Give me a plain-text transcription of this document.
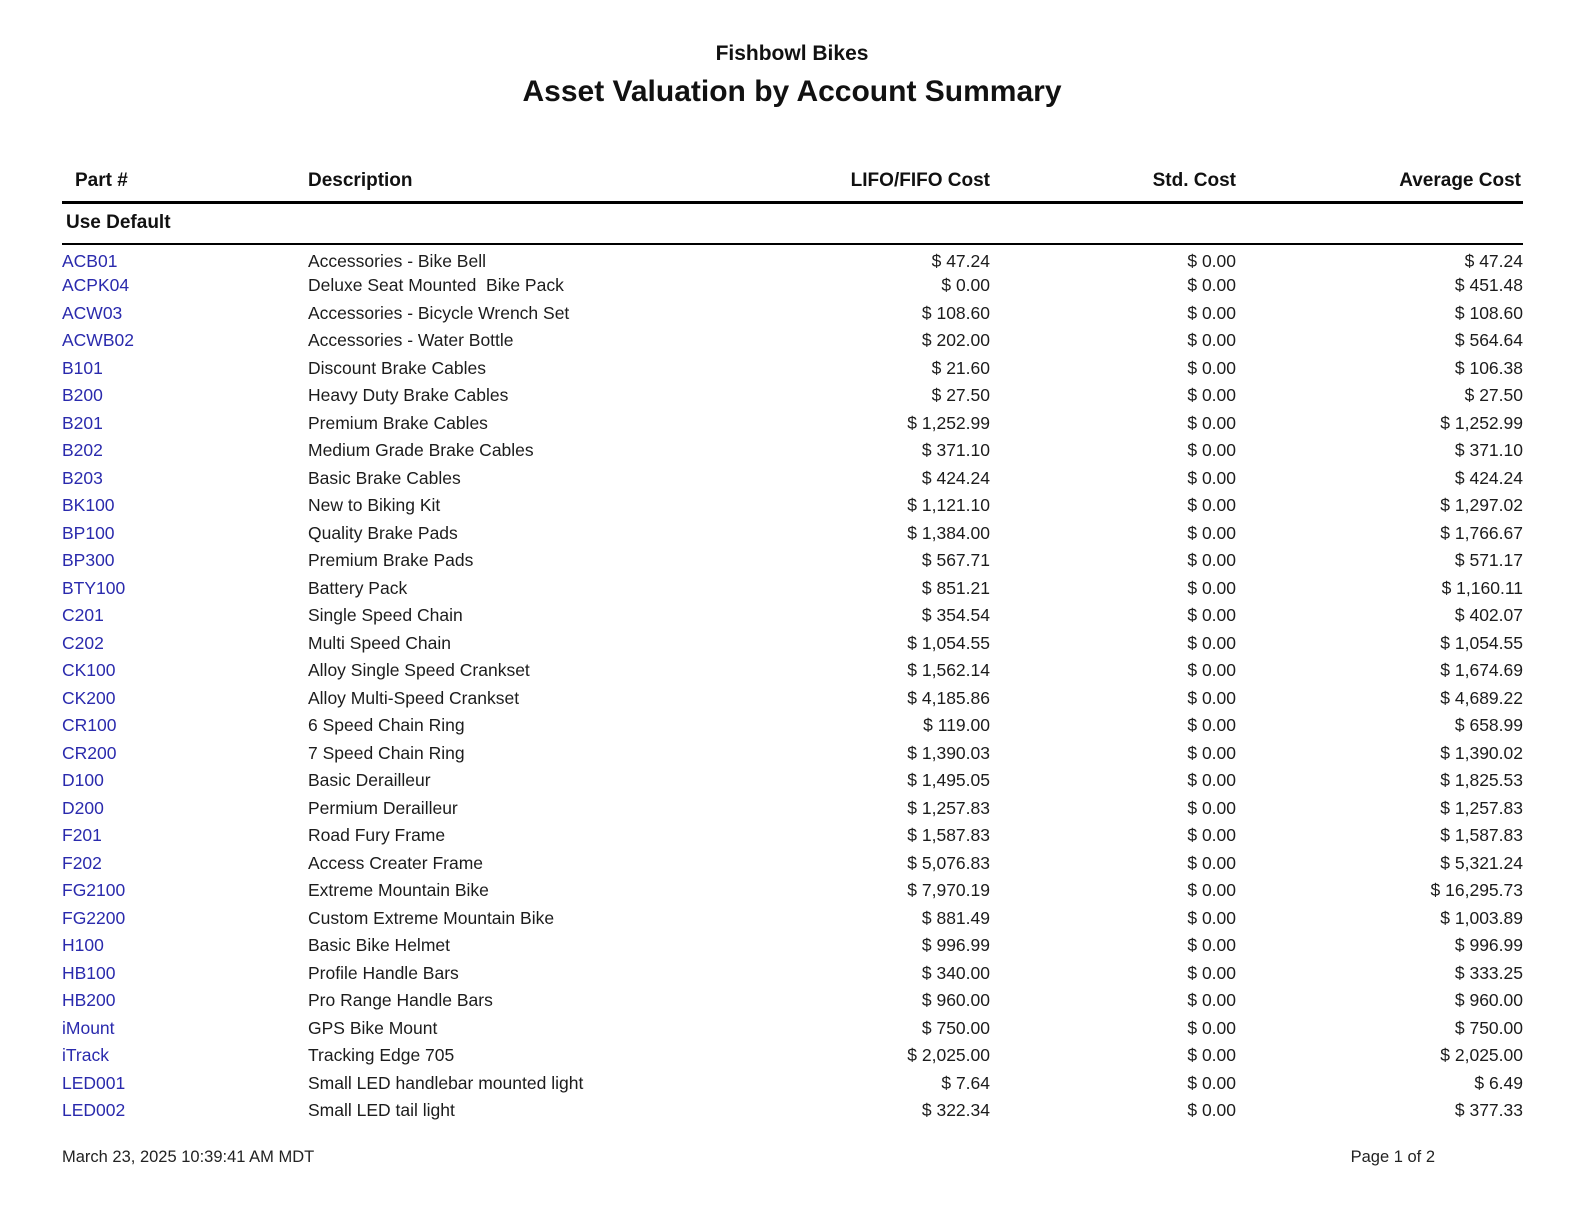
Fishbowl Bikes
Asset Valuation by Account Summary
Part #	Description	LIFO/FIFO Cost	Std. Cost	Average Cost
Use Default				
ACB01	Accessories - Bike Bell	$ 47.24	$ 0.00	$ 47.24
ACPK04	Deluxe Seat Mounted  Bike Pack	$ 0.00	$ 0.00	$ 451.48
ACW03	Accessories - Bicycle Wrench Set	$ 108.60	$ 0.00	$ 108.60
ACWB02	Accessories - Water Bottle	$ 202.00	$ 0.00	$ 564.64
B101	Discount Brake Cables	$ 21.60	$ 0.00	$ 106.38
B200	Heavy Duty Brake Cables	$ 27.50	$ 0.00	$ 27.50
B201	Premium Brake Cables	$ 1,252.99	$ 0.00	$ 1,252.99
B202	Medium Grade Brake Cables	$ 371.10	$ 0.00	$ 371.10
B203	Basic Brake Cables	$ 424.24	$ 0.00	$ 424.24
BK100	New to Biking Kit	$ 1,121.10	$ 0.00	$ 1,297.02
BP100	Quality Brake Pads	$ 1,384.00	$ 0.00	$ 1,766.67
BP300	Premium Brake Pads	$ 567.71	$ 0.00	$ 571.17
BTY100	Battery Pack	$ 851.21	$ 0.00	$ 1,160.11
C201	Single Speed Chain	$ 354.54	$ 0.00	$ 402.07
C202	Multi Speed Chain	$ 1,054.55	$ 0.00	$ 1,054.55
CK100	Alloy Single Speed Crankset	$ 1,562.14	$ 0.00	$ 1,674.69
CK200	Alloy Multi-Speed Crankset	$ 4,185.86	$ 0.00	$ 4,689.22
CR100	6 Speed Chain Ring	$ 119.00	$ 0.00	$ 658.99
CR200	7 Speed Chain Ring	$ 1,390.03	$ 0.00	$ 1,390.02
D100	Basic Derailleur	$ 1,495.05	$ 0.00	$ 1,825.53
D200	Permium Derailleur	$ 1,257.83	$ 0.00	$ 1,257.83
F201	Road Fury Frame	$ 1,587.83	$ 0.00	$ 1,587.83
F202	Access Creater Frame	$ 5,076.83	$ 0.00	$ 5,321.24
FG2100	Extreme Mountain Bike	$ 7,970.19	$ 0.00	$ 16,295.73
FG2200	Custom Extreme Mountain Bike	$ 881.49	$ 0.00	$ 1,003.89
H100	Basic Bike Helmet	$ 996.99	$ 0.00	$ 996.99
HB100	Profile Handle Bars	$ 340.00	$ 0.00	$ 333.25
HB200	Pro Range Handle Bars	$ 960.00	$ 0.00	$ 960.00
iMount	GPS Bike Mount	$ 750.00	$ 0.00	$ 750.00
iTrack	Tracking Edge 705	$ 2,025.00	$ 0.00	$ 2,025.00
LED001	Small LED handlebar mounted light	$ 7.64	$ 0.00	$ 6.49
LED002	Small LED tail light	$ 322.34	$ 0.00	$ 377.33
March 23, 2025 10:39:41 AM MDT	Page 1 of 2
